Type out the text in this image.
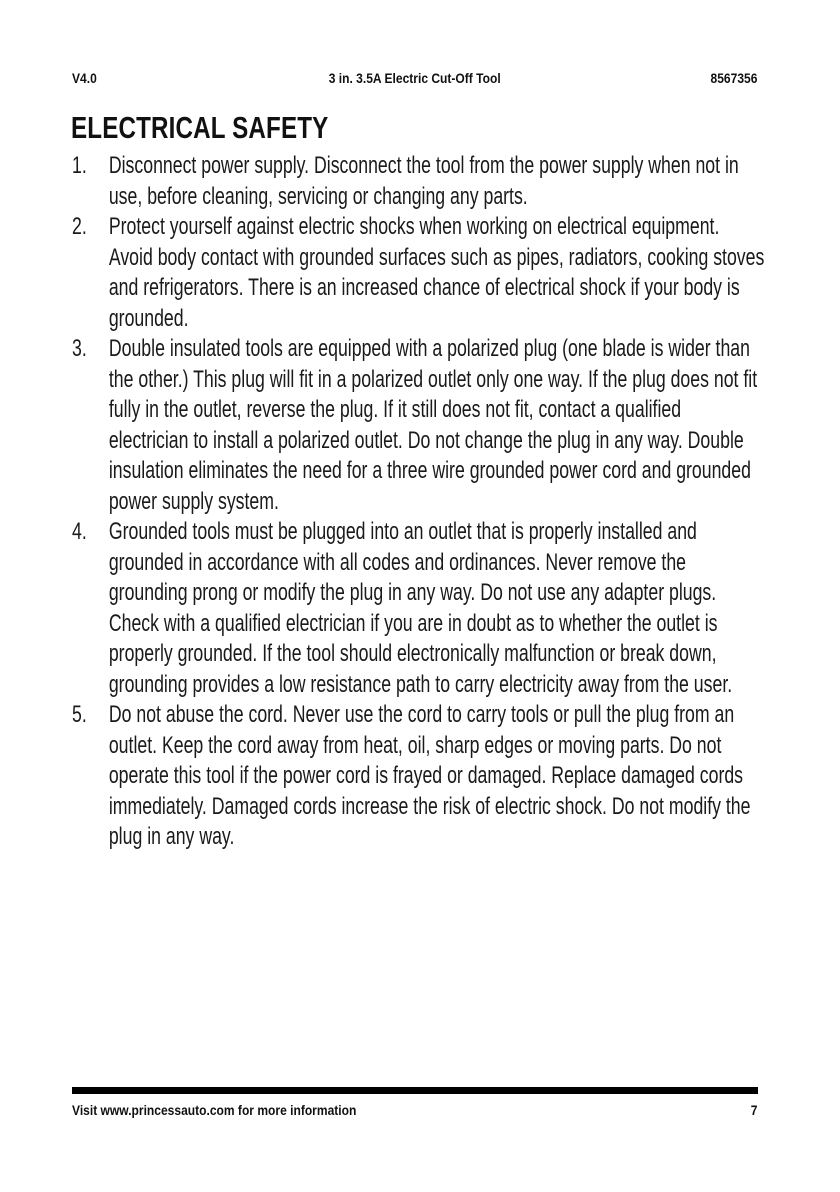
V4.0	3 in. 3.5A Electric Cut-Off Tool	8567356
ELECTRICAL SAFETY
1. Disconnect power supply. Disconnect the tool from the power supply when not in use, before cleaning, servicing or changing any parts.
2. Protect yourself against electric shocks when working on electrical equipment. Avoid body contact with grounded surfaces such as pipes, radiators, cooking stoves and refrigerators. There is an increased chance of electrical shock if your body is grounded.
3. Double insulated tools are equipped with a polarized plug (one blade is wider than the other.) This plug will fit in a polarized outlet only one way. If the plug does not fit fully in the outlet, reverse the plug. If it still does not fit, contact a qualified electrician to install a polarized outlet. Do not change the plug in any way. Double insulation eliminates the need for a three wire grounded power cord and grounded power supply system.
4. Grounded tools must be plugged into an outlet that is properly installed and grounded in accordance with all codes and ordinances. Never remove the grounding prong or modify the plug in any way. Do not use any adapter plugs. Check with a qualified electrician if you are in doubt as to whether the outlet is properly grounded. If the tool should electronically malfunction or break down, grounding provides a low resistance path to carry electricity away from the user.
5. Do not abuse the cord. Never use the cord to carry tools or pull the plug from an outlet. Keep the cord away from heat, oil, sharp edges or moving parts. Do not operate this tool if the power cord is frayed or damaged. Replace damaged cords immediately. Damaged cords increase the risk of electric shock. Do not modify the plug in any way.
Visit www.princessauto.com for more information	7
